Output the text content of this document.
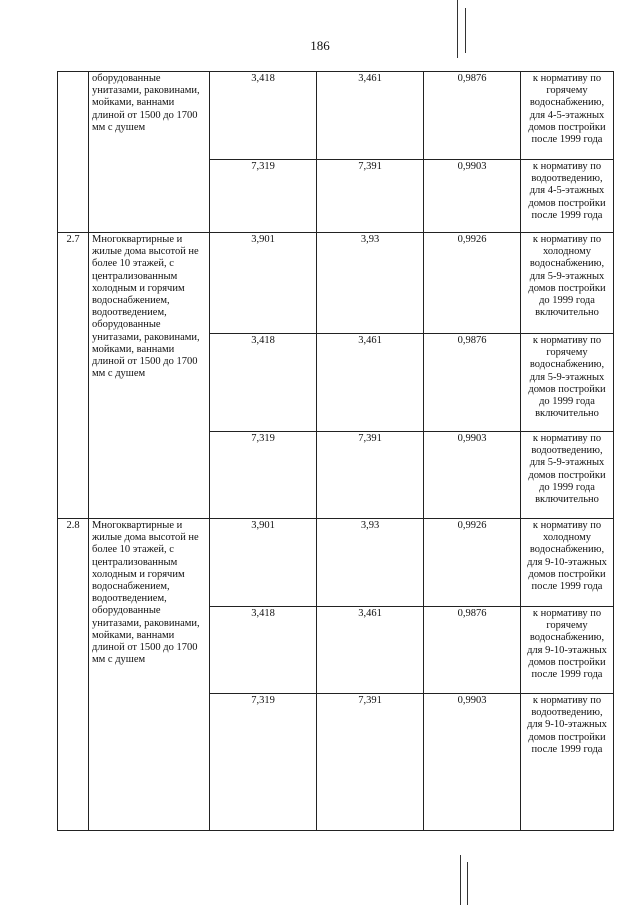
186
	оборудованные унитазами, раковинами, мойками, ваннами длиной от 1500 до 1700 мм с душем	3,418	3,461	0,9876	к нормативу по горячему водоснабжению, для 4-5-этажных домов постройки после 1999 года
		7,319	7,391	0,9903	к нормативу по водоотведению, для 4-5-этажных домов постройки после 1999 года
2.7	Многоквартирные и жилые дома высотой не более 10 этажей, с централизованным холодным и горячим водоснабжением, водоотведением, оборудованные унитазами, раковинами, мойками, ваннами длиной от 1500 до 1700 мм с душем	3,901	3,93	0,9926	к нормативу по холодному водоснабжению, для 5-9-этажных домов постройки до 1999 года включительно
		3,418	3,461	0,9876	к нормативу по горячему водоснабжению, для 5-9-этажных домов постройки до 1999 года включительно
		7,319	7,391	0,9903	к нормативу по водоотведению, для 5-9-этажных домов постройки до 1999 года включительно
2.8	Многоквартирные и жилые дома высотой не более 10 этажей, с централизованным холодным и горячим водоснабжением, водоотведением, оборудованные унитазами, раковинами, мойками, ваннами длиной от 1500 до 1700 мм с душем	3,901	3,93	0,9926	к нормативу по холодному водоснабжению, для 9-10-этажных домов постройки после 1999 года
		3,418	3,461	0,9876	к нормативу по горячему водоснабжению, для 9-10-этажных домов постройки после 1999 года
		7,319	7,391	0,9903	к нормативу по водоотведению, для 9-10-этажных домов постройки после 1999 года
